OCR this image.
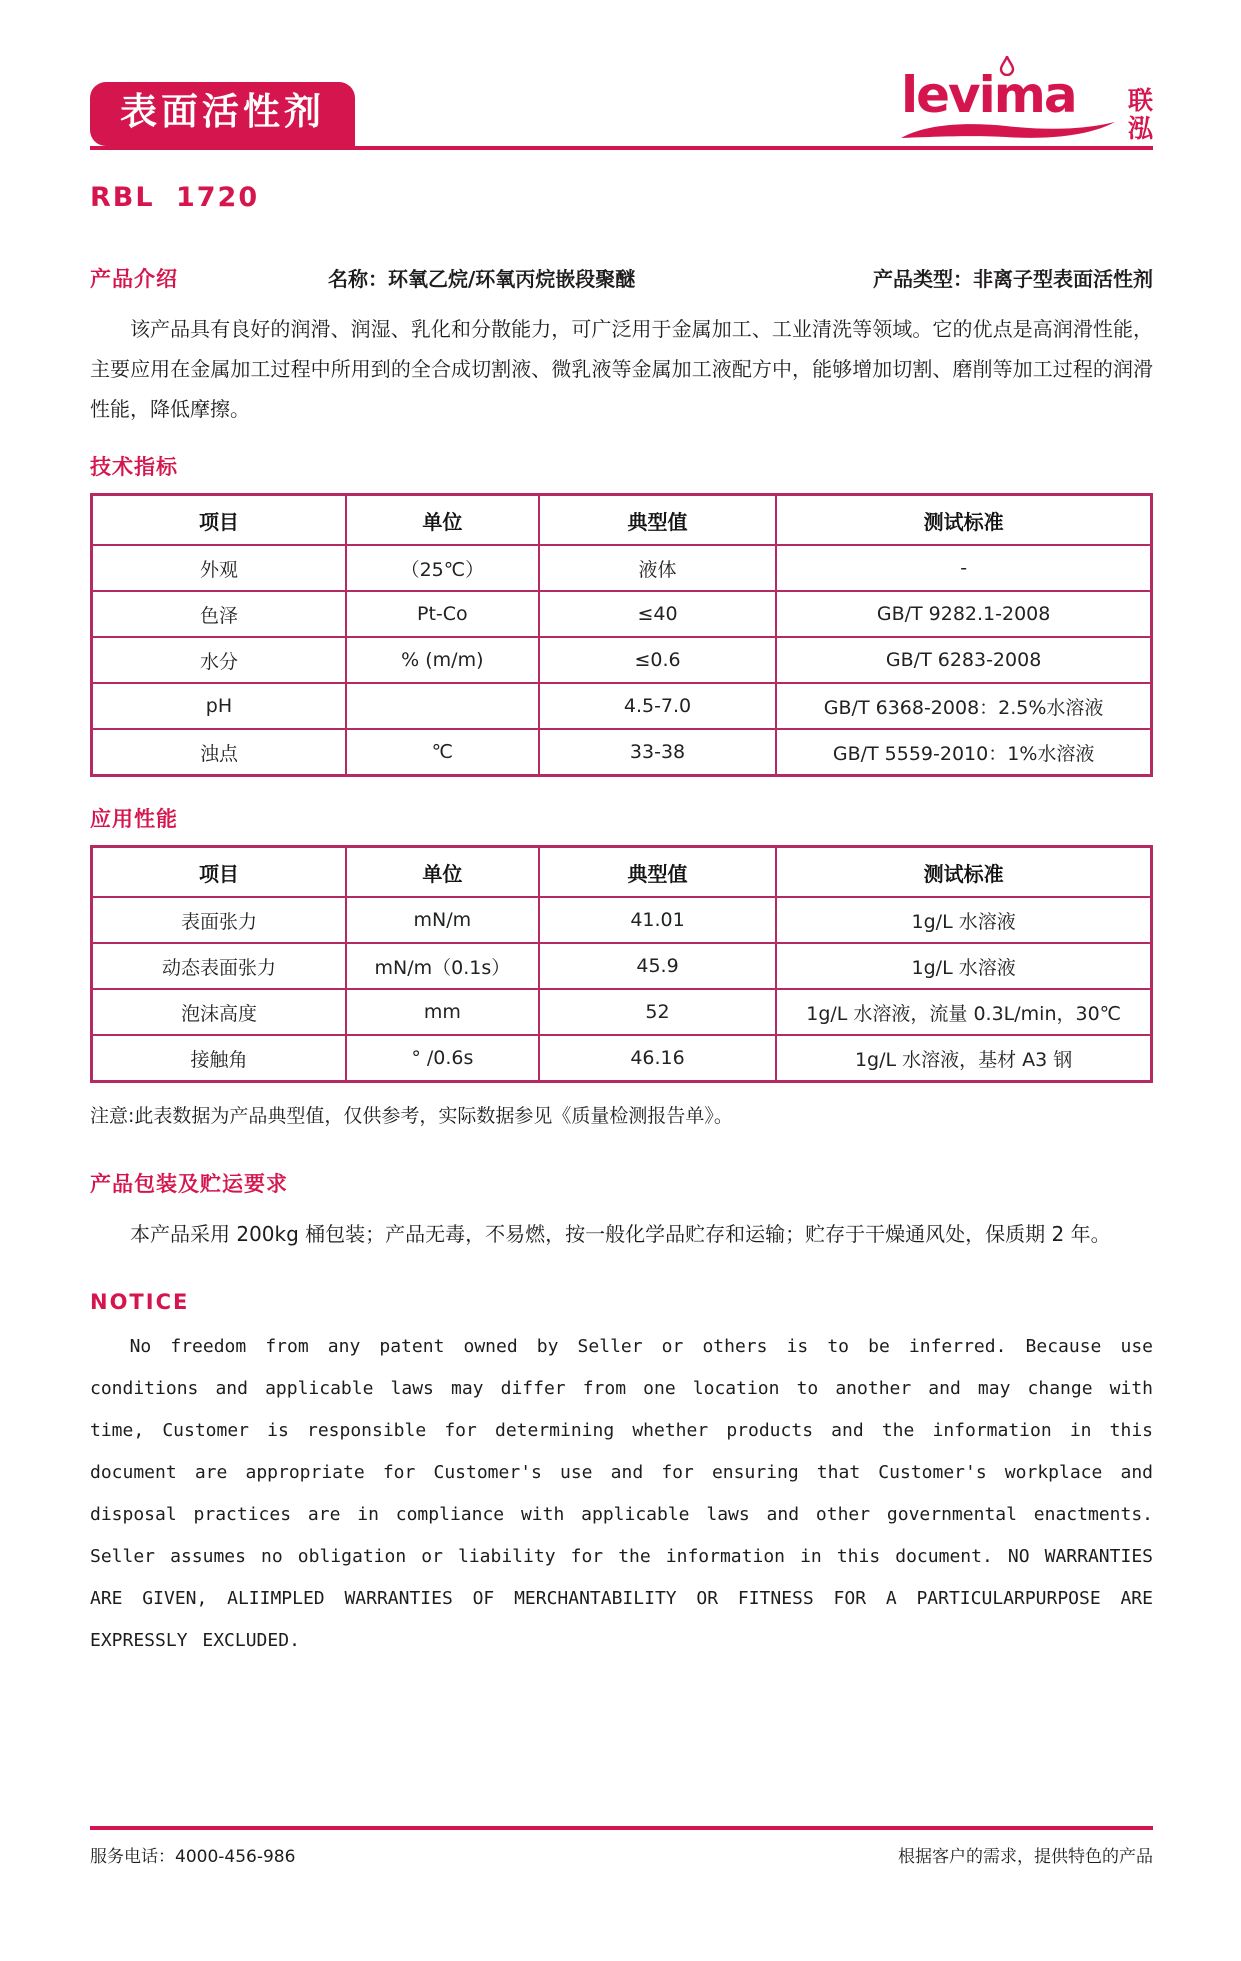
表面活性剂	levima	联
泓
RBL 1720
产品介绍	名称：环氧乙烷/环氧丙烷嵌段聚醚	产品类型：非离子型表面活性剂

该产品具有良好的润滑、润湿、乳化和分散能力，可广泛用于金属加工、工业清洗等领域。它的优点是高润滑性能，主要应用在金属加工过程中所用到的全合成切割液、微乳液等金属加工液配方中，能够增加切割、磨削等加工过程的润滑性能，降低摩擦。

技术指标
项目	单位	典型值	测试标准
外观	（25℃）	液体	-
色泽	Pt-Co	≤40	GB/T 9282.1-2008
水分	% (m/m)	≤0.6	GB/T 6283-2008
pH		4.5-7.0	GB/T 6368-2008：2.5%水溶液
浊点	℃	33-38	GB/T 5559-2010：1%水溶液
应用性能
项目	单位	典型值	测试标准
表面张力	mN/m	41.01	1g/L 水溶液
动态表面张力	mN/m（0.1s）	45.9	1g/L 水溶液
泡沫高度	mm	52	1g/L 水溶液，流量 0.3L/min，30℃
接触角	° /0.6s	46.16	1g/L 水溶液，基材 A3 钢
注意:此表数据为产品典型值，仅供参考，实际数据参见《质量检测报告单》。
产品包装及贮运要求

本产品采用 200kg 桶包装；产品无毒，不易燃，按一般化学品贮存和运输；贮存于干燥通风处，保质期 2 年。

NOTICE

No freedom from any patent owned by Seller or others is to be inferred. Because use conditions and applicable laws may differ from one location to another and may change with time, Customer is responsible for determining whether products and the information in this document are appropriate for Customer's use and for ensuring that Customer's workplace and disposal practices are in compliance with applicable laws and other governmental enactments. Seller assumes no obligation or liability for the information in this document. NO WARRANTIES ARE GIVEN, ALIIMPLED WARRANTIES OF MERCHANTABILITY OR FITNESS FOR A PARTICULARPURPOSE ARE EXPRESSLY EXCLUDED.

服务电话：4000-456-986	根据客户的需求，提供特色的产品
